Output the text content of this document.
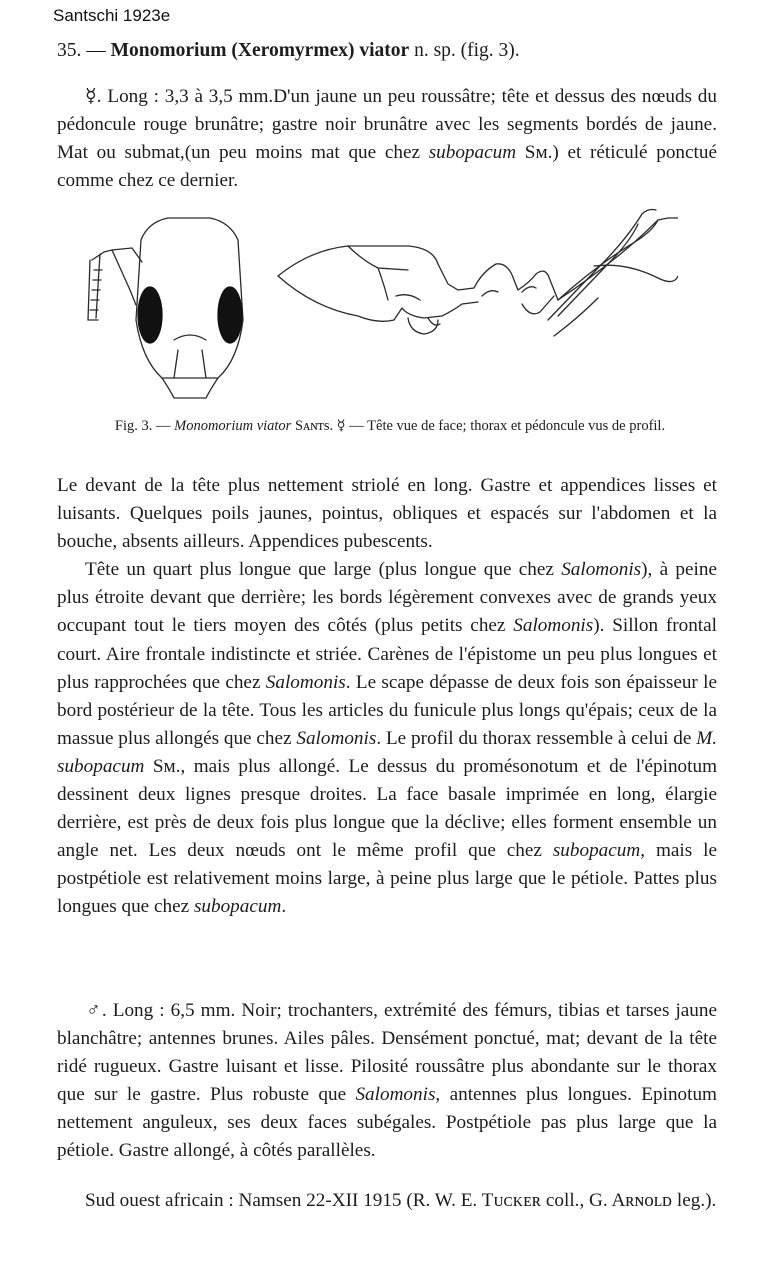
Santschi 1923e
35. — Monomorium (Xeromyrmex) viator n. sp. (fig. 3).

☿. Long : 3,3 à 3,5 mm.D'un jaune un peu roussâtre; tête et dessus des nœuds du pédoncule rouge brunâtre; gastre noir brunâtre avec les segments bordés de jaune. Mat ou submat,(un peu moins mat que chez subopacum Sᴍ.) et réticulé ponctué comme chez ce dernier.

Fig. 3. — Monomorium viator Sᴀɴᴛs. ☿ — Tête vue de face; thorax et pédoncule vus de profil.

Le devant de la tête plus nettement striolé en long. Gastre et appendices lisses et luisants. Quelques poils jaunes, pointus, obliques et espacés sur l'abdomen et la bouche, absents ailleurs. Appendices pubescents.
Tête un quart plus longue que large (plus longue que chez Salomonis), à peine plus étroite devant que derrière; les bords légèrement convexes avec de grands yeux occupant tout le tiers moyen des côtés (plus petits chez Salomonis). Sillon frontal court. Aire frontale indistincte et striée. Carènes de l'épistome un peu plus longues et plus rapprochées que chez Salomonis. Le scape dépasse de deux fois son épaisseur le bord postérieur de la tête. Tous les articles du funicule plus longs qu'épais; ceux de la massue plus allongés que chez Salomonis. Le profil du thorax ressemble à celui de M. subopacum Sᴍ., mais plus allongé. Le dessus du promésonotum et de l'épinotum dessinent deux lignes presque droites. La face basale imprimée en long, élargie derrière, est près de deux fois plus longue que la déclive; elles forment ensemble un angle net. Les deux nœuds ont le même profil que chez subopacum, mais le postpétiole est relativement moins large, à peine plus large que le pétiole. Pattes plus longues que chez subopacum.

♂. Long : 6,5 mm. Noir; trochanters, extrémité des fémurs, tibias et tarses jaune blanchâtre; antennes brunes. Ailes pâles. Densément ponctué, mat; devant de la tête ridé rugueux. Gastre luisant et lisse. Pilosité roussâtre plus abondante sur le thorax que sur le gastre. Plus robuste que Salomonis, antennes plus longues. Epinotum nettement anguleux, ses deux faces subégales. Postpétiole pas plus large que la pétiole. Gastre allongé, à côtés parallèles.

Sud ouest africain : Namsen 22-XII 1915 (R. W. E. Tᴜᴄᴋᴇʀ coll., G. Aʀɴᴏʟᴅ leg.).
